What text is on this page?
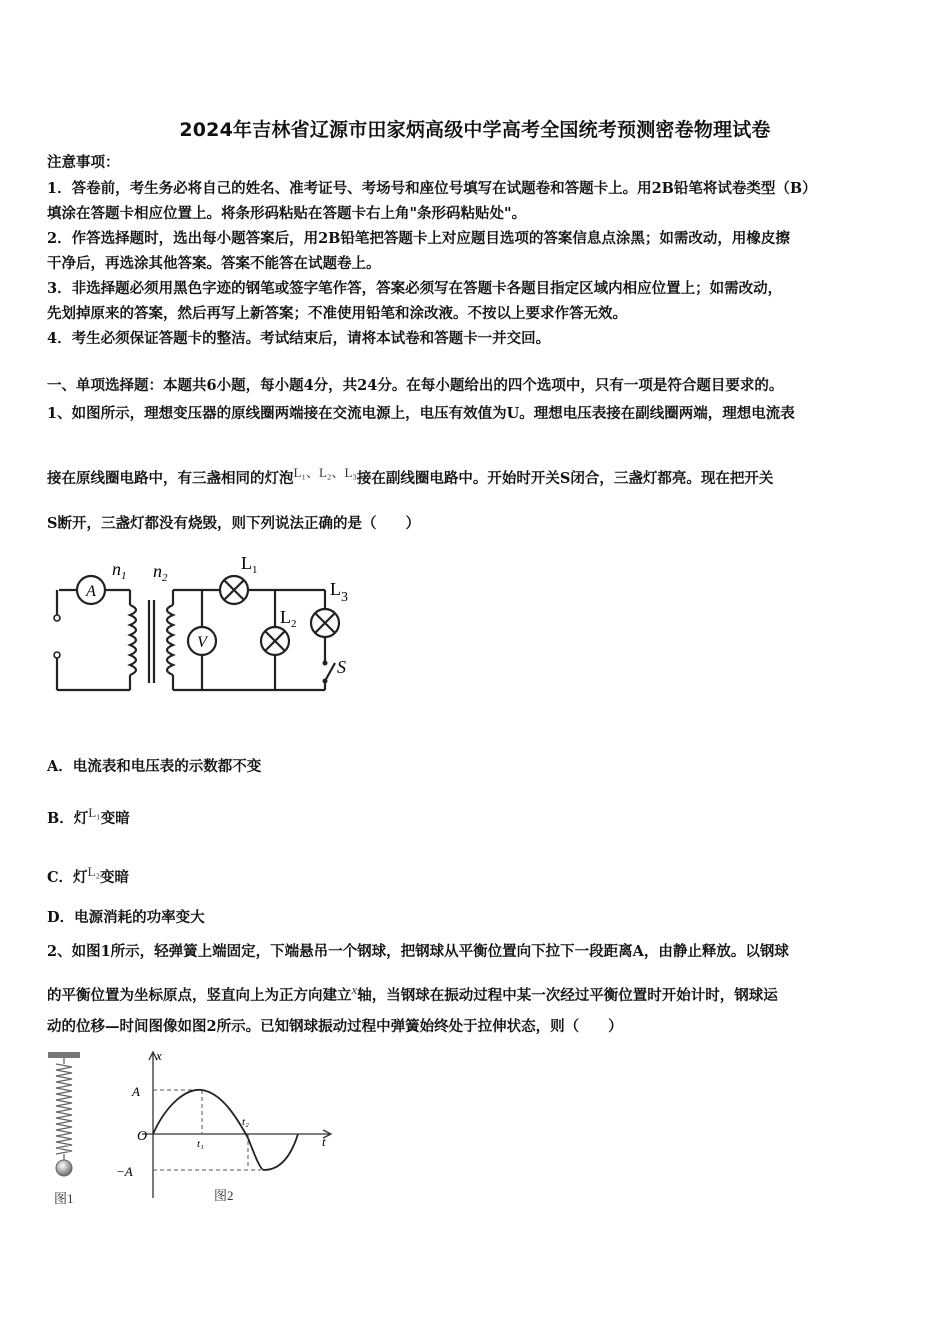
2024年吉林省辽源市田家炳高级中学高考全国统考预测密卷物理试卷
注意事项：
1．答卷前，考生务必将自己的姓名、准考证号、考场号和座位号填写在试题卷和答题卡上。用2B铅笔将试卷类型（B）
填涂在答题卡相应位置上。将条形码粘贴在答题卡右上角"条形码粘贴处"。
2．作答选择题时，选出每小题答案后，用2B铅笔把答题卡上对应题目选项的答案信息点涂黑；如需改动，用橡皮擦
干净后，再选涂其他答案。答案不能答在试题卷上。
3．非选择题必须用黑色字迹的钢笔或签字笔作答，答案必须写在答题卡各题目指定区域内相应位置上；如需改动，
先划掉原来的答案，然后再写上新答案；不准使用铅笔和涂改液。不按以上要求作答无效。
4．考生必须保证答题卡的整洁。考试结束后，请将本试卷和答题卡一并交回。
一、单项选择题：本题共6小题，每小题4分，共24分。在每小题给出的四个选项中，只有一项是符合题目要求的。
1、如图所示，理想变压器的原线圈两端接在交流电源上，电压有效值为U。理想电压表接在副线圈两端，理想电流表
接在原线圈电路中，有三盏相同的灯泡L₁、L₂、L₃接在副线圈电路中。开始时开关S闭合，三盏灯都亮。现在把开关
S断开，三盏灯都没有烧毁，则下列说法正确的是（　　）
A
V
$n_1$ $n_2$
$L_1$
$L_2$
$L_3$
S
A．电流表和电压表的示数都不变
B．灯L₁变暗
C．灯L₂变暗
D．电源消耗的功率变大
2、如图1所示，轻弹簧上端固定，下端悬吊一个钢球，把钢球从平衡位置向下拉下一段距离A，由静止释放。以钢球
的平衡位置为坐标原点，竖直向上为正方向建立x轴，当钢球在振动过程中某一次经过平衡位置时开始计时，钢球运
动的位移—时间图像如图2所示。已知钢球振动过程中弹簧始终处于拉伸状态，则（　　）
图1
x
t
O
A
−A
t₁
t₂
图2
